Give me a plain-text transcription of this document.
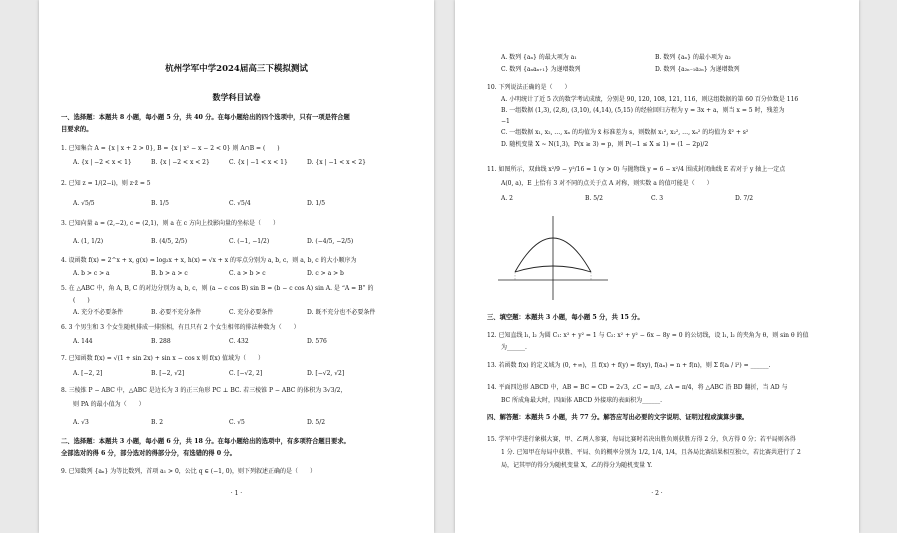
杭州学军中学2024届高三下模拟测试
数学科目试卷
一、选择题：本题共 8 小题，每小题 5 分，共 40 分。在每小题给出的四个选项中，只有一项是符合题
目要求的。
1. 已知集合 A = {x | x + 2 > 0}, B = {x | x² − x − 2 < 0} 则 A∩B = (　　)
A. {x | −2 < x < 1}	B. {x | −2 < x < 2}	C. {x | −1 < x < 1}	D. {x | −1 < x < 2}
2. 已知 z = 1/(2−i)，则 z·z̄ = 5
A. √5/5	B. 1/5	C. √5/4	D. 1/5
3. 已知向量 a = (2,−2), c = (2,1)，则 a 在 c 方向上投影向量的坐标是（　　）
A. (1, 1/2)	B. (4/5, 2/5)	C. (−1, −1/2)	D. (−4/5, −2/5)
4. 设函数 f(x) = 2^x + x, g(x) = log₂x + x, h(x) = √x + x 的零点分别为 a, b, c，则 a, b, c 的大小顺序为
A. b > c > a	B. b > a > c	C. a > b > c	D. c > a > b
5. 在 △ABC 中，角 A, B, C 的对边分别为 a, b, c，则 (a − c cos B) sin B = (b − c cos A) sin A. 是 “A = B” 的
(　　)
A. 充分不必要条件	B. 必要不充分条件	C. 充分必要条件	D. 既不充分也不必要条件
6. 3 个男生和 3 个女生随机排成一排照相，有且只有 2 个女生相邻的排法种数为（　　）
A. 144	B. 288	C. 432	D. 576
7. 已知函数 f(x) = √(1 + sin 2x) + sin x − cos x 则 f(x) 值域为（　　）
A. [−2, 2]	B. [−2, √2]	C. [−√2, 2]	D. [−√2, √2]
8. 三棱锥 P − ABC 中，△ABC 是边长为 3 的正三角形 PC ⊥ BC. 若三棱锥 P − ABC 的体积为 3√3/2，
则 PA 的最小值为（　　）
A. √3	B. 2	C. √5	D. 5/2
二、选择题：本题共 3 小题，每小题 6 分，共 18 分。在每小题给出的选项中，有多项符合题目要求。
全部选对的得 6 分，部分选对的得部分分，有选错的得 0 分。
9. 已知数列 {aₙ} 为等比数列，首项 a₁ > 0，公比 q ∈ (−1, 0)，则下列叙述正确的是（　　）
· 1 ·
A. 数列 {aₙ} 的最大项为 a₁	B. 数列 {aₙ} 的最小项为 a₂
C. 数列 {aₙaₙ₊₁} 为递增数列	D. 数列 {a₂ₙ₋₁a₂ₙ} 为递增数列
10. 下列说法正确的是（　　）
A. 小明统计了近 5 次的数学考试成绩，分别是 90, 120, 108, 121, 116，则这组数据的第 60 百分位数是 116
B. 一组数据 (1,3), (2,8), (3,10), (4,14), (5,15) 的经验回归方程为 y = 3x + a，则当 x = 5 时，残差为
−1
C. 一组数据 x₁, x₂, …, xₙ 的均值为 x̄ 标准差为 s，则数据 x₁², x₂², …, xₙ² 的均值为 x̄² + s²
D. 随机变量 X ~ N(1,3)，P(x ≥ 3) = p，则 P(−1 ≤ X ≤ 1) = (1 − 2p)/2
11. 如图所示，双曲线 x²/9 − y²/16 = 1 (y > 0) 与抛物线 y = 6 − x²/4 围成封闭曲线 E 若对于 y 轴上一定点
A(0, a)，E 上恰有 3 对不同的点关于点 A 对称，则实数 a 的值可能是（　　）
A. 2	B. 5/2	C. 3	D. 7/2
三、填空题：本题共 3 小题，每小题 5 分，共 15 分。
12. 已知直线 l₁, l₂ 为圆 C₁: x² + y² = 1 与 C₂: x² + y² − 6x − 8y = 0 的公切线，设 l₁, l₂ 的夹角为 θ，则 sin θ 的值
为______.
13. 若函数 f(x) 的定义域为 (0, +∞)，且 f(x) + f(y) = f(xy), f(aₙ) = n + f(n)，则 Σ f(aᵢ / i²) = ______.
14. 平面四边形 ABCD 中，AB = BC = CD = 2√3, ∠C = π/3, ∠A = π/4，将 △ABC 沿 BD 翻折，当 AD 与
BC 所成角最大时，四面体 ABCD 外接球的表面积为______.
四、解答题：本题共 5 小题，共 77 分。解答应写出必要的文字说明、证明过程或演算步骤。
15. 学军中学进行象棋大赛，甲、乙两人参赛，每局比赛时若决出胜负则获胜方得 2 分，负方得 0 分；若平局则各得
1 分. 已知甲在每局中获胜、平局、负的概率分别为 1/2, 1/4, 1/4，且各局比赛结果相互独立，若比赛共进行了 2
局，记其甲的得分为随机变量 X，乙的得分为随机变量 Y.
· 2 ·
